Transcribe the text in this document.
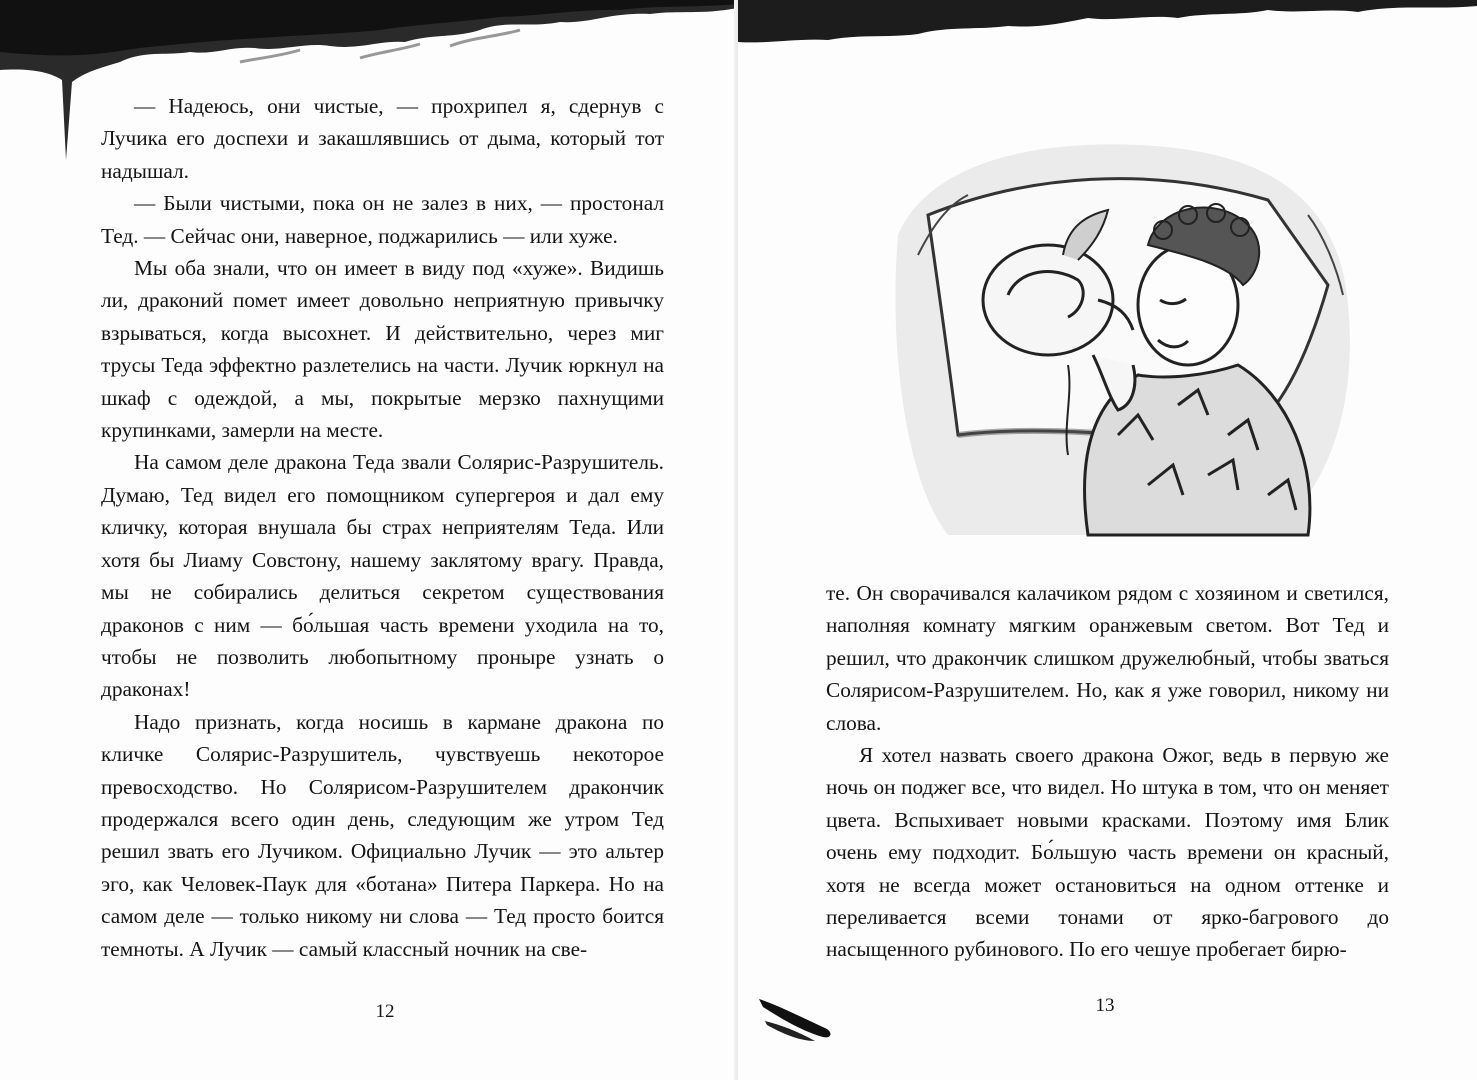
— Надеюсь, они чистые, — прохрипел я, сдернув с Лучика его доспехи и закашлявшись от дыма, который тот надышал.

— Были чистыми, пока он не залез в них, — простонал Тед. — Сейчас они, наверное, поджарились — или хуже.

Мы оба знали, что он имеет в виду под «хуже». Видишь ли, драконий помет имеет довольно неприятную привычку взрываться, когда высохнет. И действительно, через миг трусы Теда эффектно разлетелись на части. Лучик юркнул на шкаф с одеждой, а мы, покрытые мерзко пахнущими крупинками, замерли на месте.

На самом деле дракона Теда звали Солярис-Разрушитель. Думаю, Тед видел его помощником супергероя и дал ему кличку, которая внушала бы страх неприятелям Теда. Или хотя бы Лиаму Совстону, нашему заклятому врагу. Правда, мы не собирались делиться секретом существования драконов с ним — бо́льшая часть времени уходила на то, чтобы не позволить любопытному проныре узнать о драконах!

Надо признать, когда носишь в кармане дракона по кличке Солярис-Разрушитель, чувствуешь некоторое превосходство. Но Солярисом-Разрушителем дракончик продержался всего один день, следующим же утром Тед решил звать его Лучиком. Официально Лучик — это альтер эго, как Человек-Паук для «ботана» Питера Паркера. Но на самом деле — только никому ни слова — Тед просто боится темноты. А Лучик — самый классный ночник на све-

12

те. Он сворачивался калачиком рядом с хозяином и светился, наполняя комнату мягким оранжевым светом. Вот Тед и решил, что дракончик слишком дружелюбный, чтобы зваться Солярисом-Разрушителем. Но, как я уже говорил, никому ни слова.

Я хотел назвать своего дракона Ожог, ведь в первую же ночь он поджег все, что видел. Но штука в том, что он меняет цвета. Вспыхивает новыми красками. Поэтому имя Блик очень ему подходит. Бо́льшую часть времени он красный, хотя не всегда может остановиться на одном оттенке и переливается всеми тонами от ярко-багрового до насыщенного рубинового. По его чешуе пробегает бирю-

13
